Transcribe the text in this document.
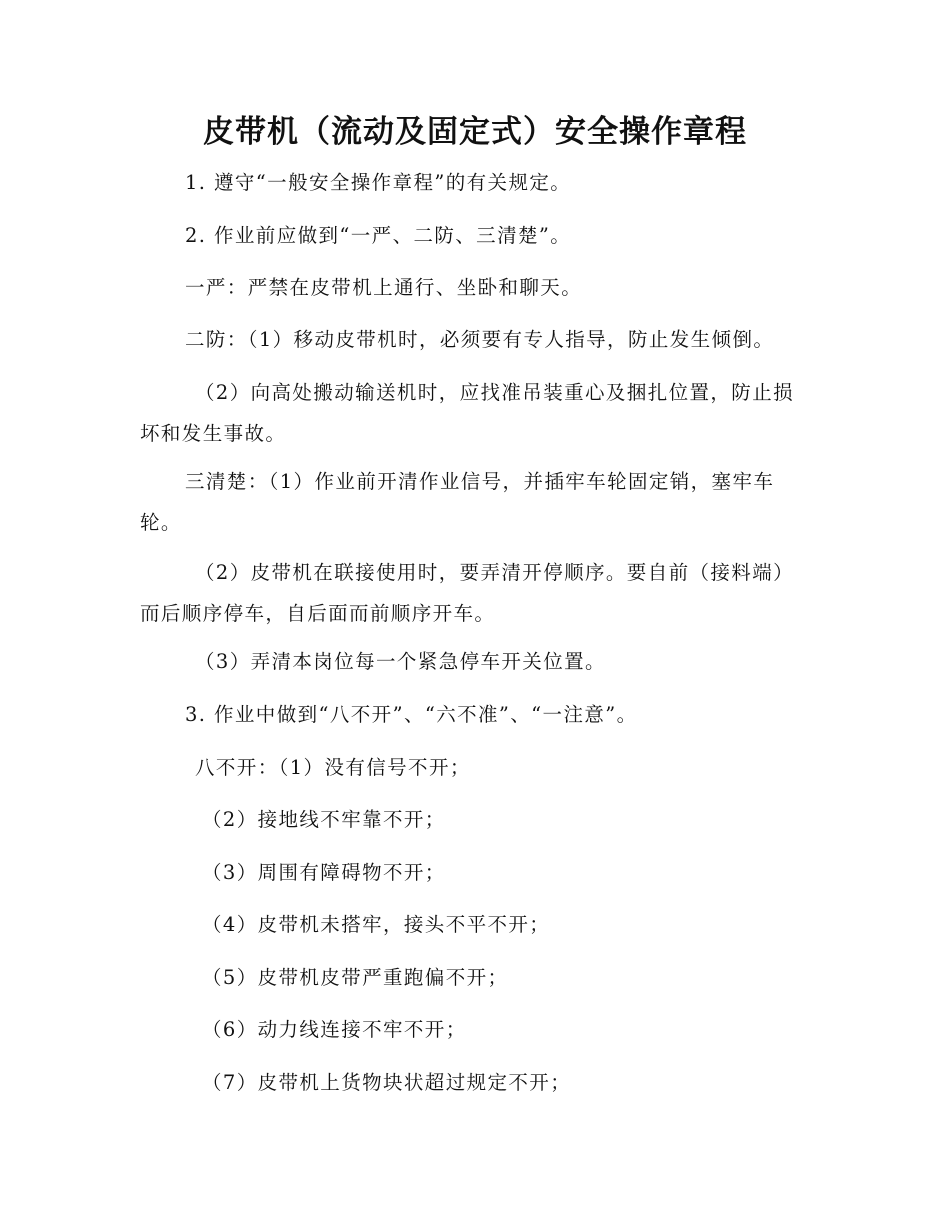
皮带机（流动及固定式）安全操作章程
1. 遵守“一般安全操作章程”的有关规定。
2. 作业前应做到“一严、二防、三清楚”。
一严：严禁在皮带机上通行、坐卧和聊天。
二防：（1）移动皮带机时，必须要有专人指导，防止发生倾倒。
（2）向高处搬动输送机时，应找准吊装重心及捆扎位置，防止损坏和发生事故。
三清楚：（1）作业前开清作业信号，并插牢车轮固定销，塞牢车轮。
（2）皮带机在联接使用时，要弄清开停顺序。要自前（接料端）而后顺序停车，自后面而前顺序开车。
（3）弄清本岗位每一个紧急停车开关位置。
3. 作业中做到“八不开”、“六不准”、“一注意”。
八不开：（1）没有信号不开；
（2）接地线不牢靠不开；
（3）周围有障碍物不开；
（4）皮带机未搭牢，接头不平不开；
（5）皮带机皮带严重跑偏不开；
（6）动力线连接不牢不开；
（7）皮带机上货物块状超过规定不开；
